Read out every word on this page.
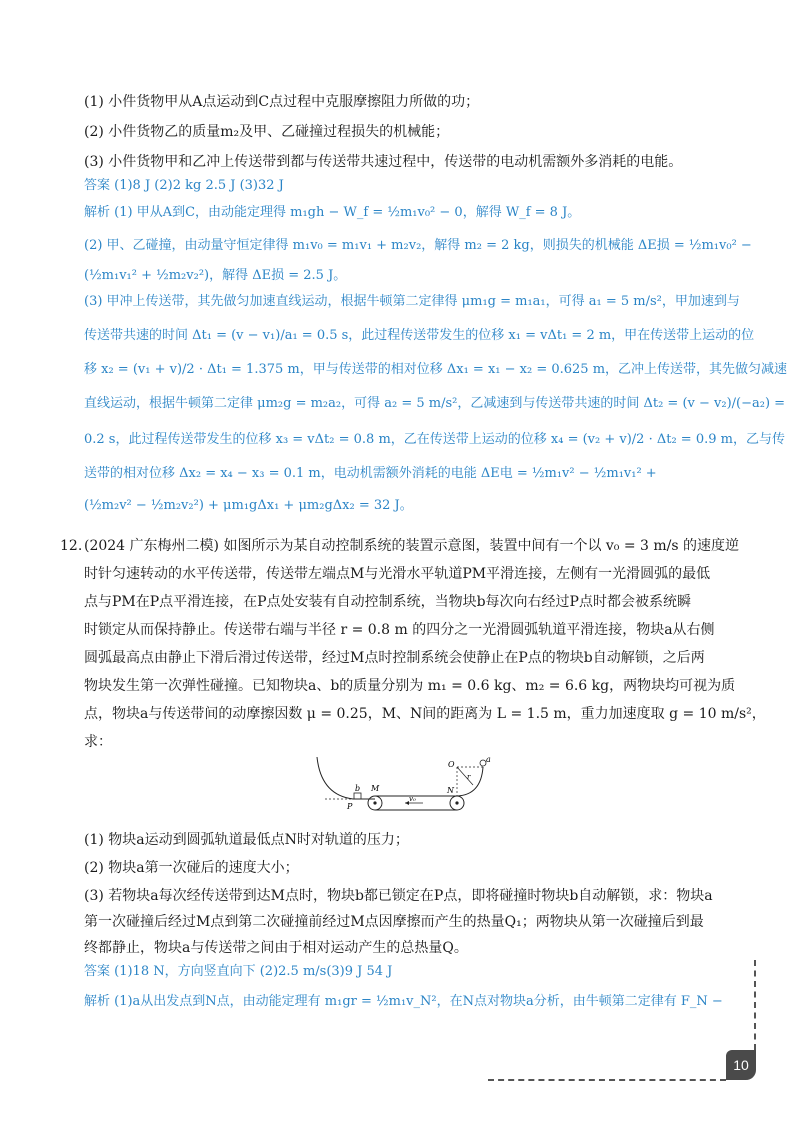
(1) 小件货物甲从A点运动到C点过程中克服摩擦阻力所做的功；
(2) 小件货物乙的质量m₂及甲、乙碰撞过程损失的机械能；
(3) 小件货物甲和乙冲上传送带到都与传送带共速过程中，传送带的电动机需额外多消耗的电能。
答案 (1)8 J (2)2 kg 2.5 J (3)32 J
解析 (1) 甲从A到C，由动能定理得 m₁gh − W_f = ½m₁v₀² − 0，解得 W_f = 8 J。
(2) 甲、乙碰撞，由动量守恒定律得 m₁v₀ = m₁v₁ + m₂v₂，解得 m₂ = 2 kg，则损失的机械能 ΔE损 = ½m₁v₀² −
(½m₁v₁² + ½m₂v₂²)，解得 ΔE损 = 2.5 J。
(3) 甲冲上传送带，其先做匀加速直线运动，根据牛顿第二定律得 μm₁g = m₁a₁，可得 a₁ = 5 m/s²，甲加速到与
传送带共速的时间 Δt₁ = (v − v₁)/a₁ = 0.5 s，此过程传送带发生的位移 x₁ = vΔt₁ = 2 m，甲在传送带上运动的位
移 x₂ = (v₁ + v)/2 · Δt₁ = 1.375 m，甲与传送带的相对位移 Δx₁ = x₁ − x₂ = 0.625 m，乙冲上传送带，其先做匀减速
直线运动，根据牛顿第二定律 μm₂g = m₂a₂，可得 a₂ = 5 m/s²，乙减速到与传送带共速的时间 Δt₂ = (v − v₂)/(−a₂) =
0.2 s，此过程传送带发生的位移 x₃ = vΔt₂ = 0.8 m，乙在传送带上运动的位移 x₄ = (v₂ + v)/2 · Δt₂ = 0.9 m，乙与传
送带的相对位移 Δx₂ = x₄ − x₃ = 0.1 m，电动机需额外消耗的电能 ΔE电 = ½m₁v² − ½m₁v₁² +
(½m₂v² − ½m₂v₂²) + μm₁gΔx₁ + μm₂gΔx₂ = 32 J。
12. (2024 广东梅州二模) 如图所示为某自动控制系统的装置示意图，装置中间有一个以 v₀ = 3 m/s 的速度逆
时针匀速转动的水平传送带，传送带左端点M与光滑水平轨道PM平滑连接，左侧有一光滑圆弧的最低
点与PM在P点平滑连接，在P点处安装有自动控制系统，当物块b每次向右经过P点时都会被系统瞬
时锁定从而保持静止。传送带右端与半径 r = 0.8 m 的四分之一光滑圆弧轨道平滑连接，物块a从右侧
圆弧最高点由静止下滑后滑过传送带，经过M点时控制系统会使静止在P点的物块b自动解锁，之后两
物块发生第一次弹性碰撞。已知物块a、b的质量分别为 m₁ = 0.6 kg、m₂ = 6.6 kg，两物块均可视为质
点，物块a与传送带间的动摩擦因数 μ = 0.25，M、N间的距离为 L = 1.5 m，重力加速度取 g = 10 m/s²，
求：
b M
P
N
O
a
r
v₀
(1) 物块a运动到圆弧轨道最低点N时对轨道的压力；
(2) 物块a第一次碰后的速度大小；
(3) 若物块a每次经传送带到达M点时，物块b都已锁定在P点，即将碰撞时物块b自动解锁，求：物块a
第一次碰撞后经过M点到第二次碰撞前经过M点因摩擦而产生的热量Q₁；两物块从第一次碰撞后到最
终都静止，物块a与传送带之间由于相对运动产生的总热量Q。
答案 (1)18 N，方向竖直向下 (2)2.5 m/s(3)9 J 54 J
解析 (1)a从出发点到N点，由动能定理有 m₁gr = ½m₁v_N²，在N点对物块a分析，由牛顿第二定律有 F_N −
10
